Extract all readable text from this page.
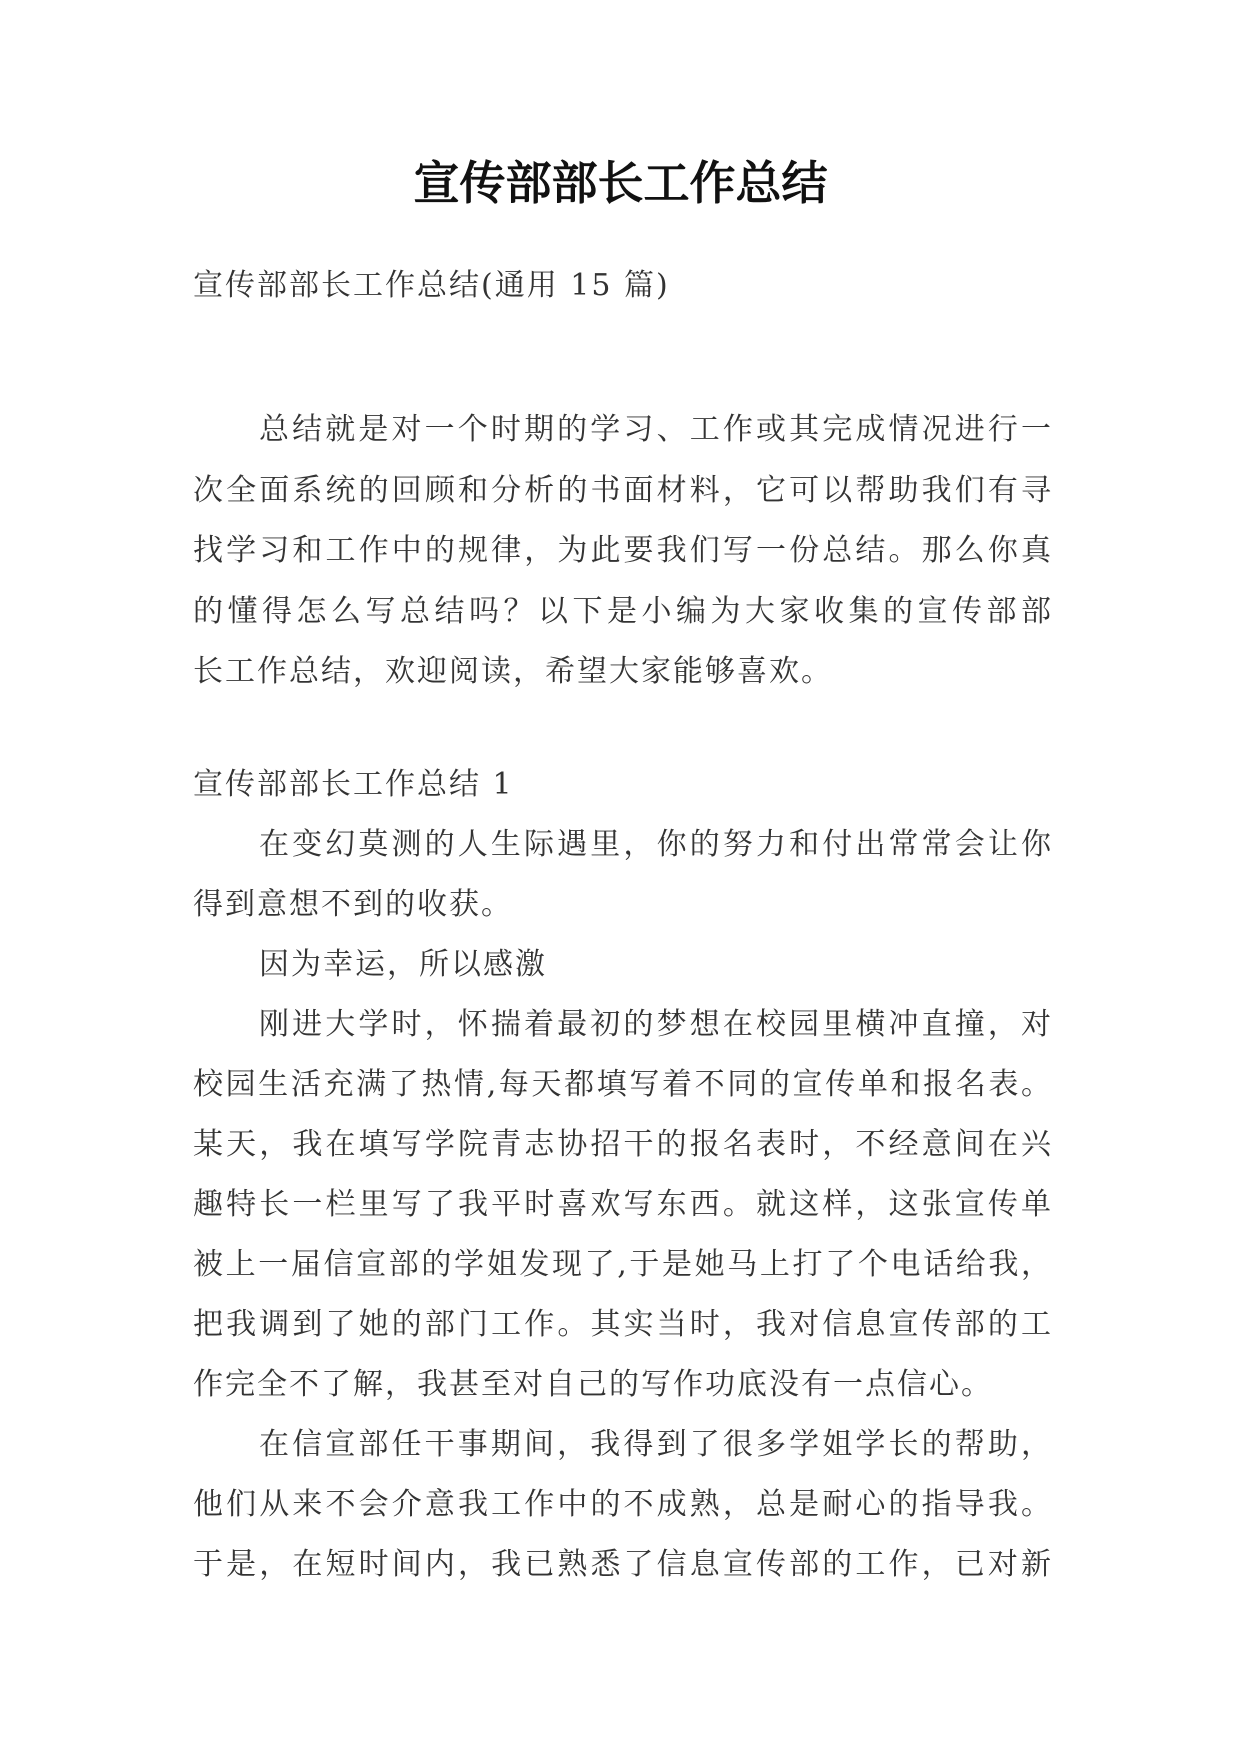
宣传部部长工作总结
宣传部部长工作总结(通用 15 篇)
总结就是对一个时期的学习、工作或其完成情况进行一
次全面系统的回顾和分析的书面材料，它可以帮助我们有寻
找学习和工作中的规律，为此要我们写一份总结。那么你真
的懂得怎么写总结吗？以下是小编为大家收集的宣传部部
长工作总结，欢迎阅读，希望大家能够喜欢。
宣传部部长工作总结 1
在变幻莫测的人生际遇里，你的努力和付出常常会让你
得到意想不到的收获。
因为幸运，所以感激
刚进大学时，怀揣着最初的梦想在校园里横冲直撞，对
校园生活充满了热情,每天都填写着不同的宣传单和报名表。
某天，我在填写学院青志协招干的报名表时，不经意间在兴
趣特长一栏里写了我平时喜欢写东西。就这样，这张宣传单
被上一届信宣部的学姐发现了,于是她马上打了个电话给我，
把我调到了她的部门工作。其实当时，我对信息宣传部的工
作完全不了解，我甚至对自己的写作功底没有一点信心。
在信宣部任干事期间，我得到了很多学姐学长的帮助，
他们从来不会介意我工作中的不成熟，总是耐心的指导我。
于是，在短时间内，我已熟悉了信息宣传部的工作，已对新
